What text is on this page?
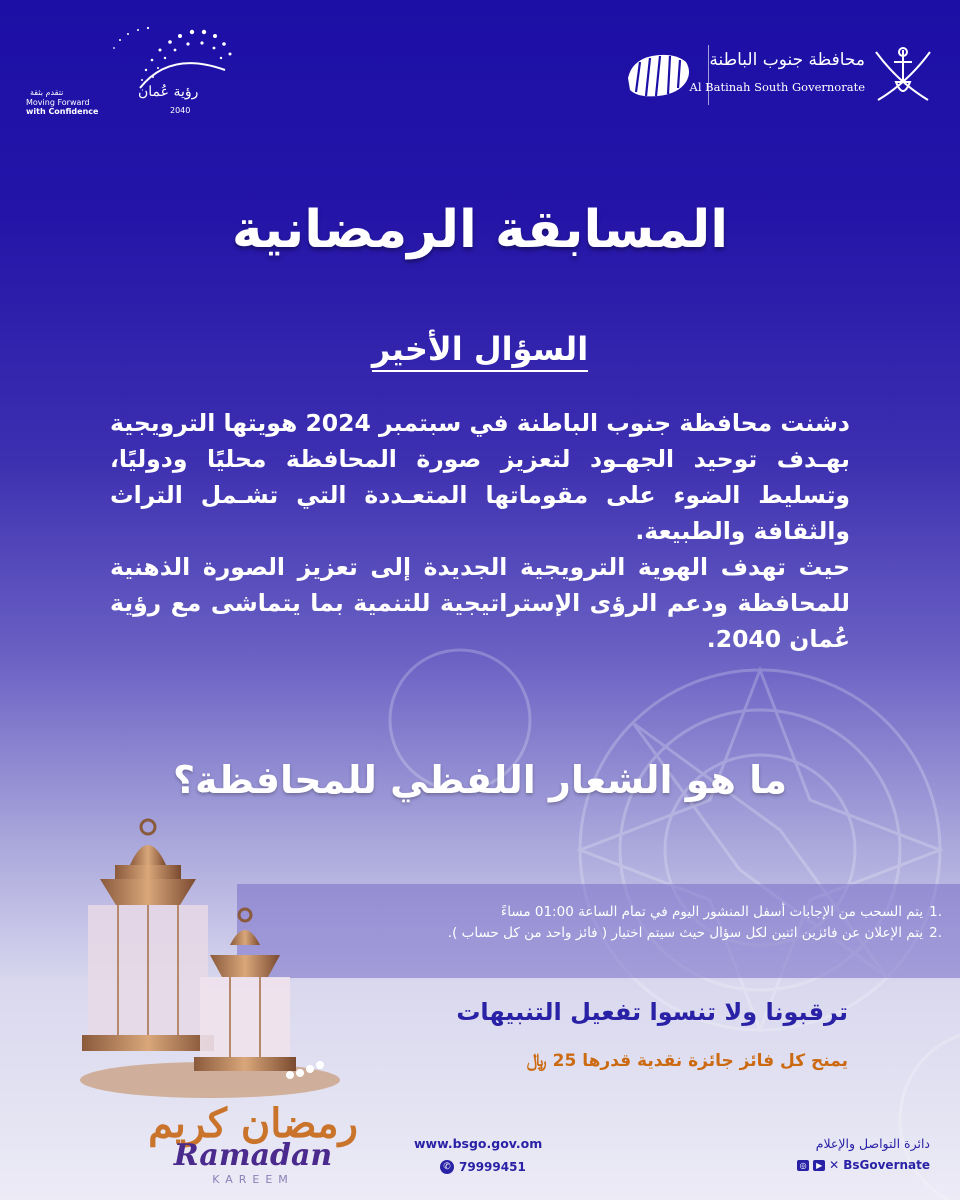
رؤية عُمان
2040
نتقدم بثقة
Moving Forward
with Confidence
محافظة جنوب الباطنة
Al Batinah South Governorate
المسابقة الرمضانية
السؤال الأخير

دشنت محافظة جنوب الباطنة في سبتمبر 2024 هويتها الترويجية بهـدف توحيد الجهـود لتعزيز صورة المحافظة محليًا ودوليًا، وتسليط الضوء على مقوماتها المتعـددة التي تشـمل التراث والثقافة والطبيعة.

حيث تهدف الهوية الترويجية الجديدة إلى تعزيز الصورة الذهنية للمحافظة ودعم الرؤى الإستراتيجية للتنمية بما يتماشى مع رؤية عُمان 2040.

ما هو الشعار اللفظي للمحافظة؟
1.
يتم السحب من الإجابات أسفل المنشور اليوم في تمام الساعة 01:00 مساءً
2.
يتم الإعلان عن فائزين اثنين لكل سؤال حيث سيتم اختيار ( فائز واحد من كل حساب ).
ترقبونا ولا تنسوا تفعيل التنبيهات
يمنح كل فائز جائزة نقدية قدرها 25
﷼
رمضان كريم
Ramadan
KAREEM
www.bsgo.gov.om
✆ 79999451
دائرة التواصل والإعلام
◎	▶ ✕ BsGovernate
